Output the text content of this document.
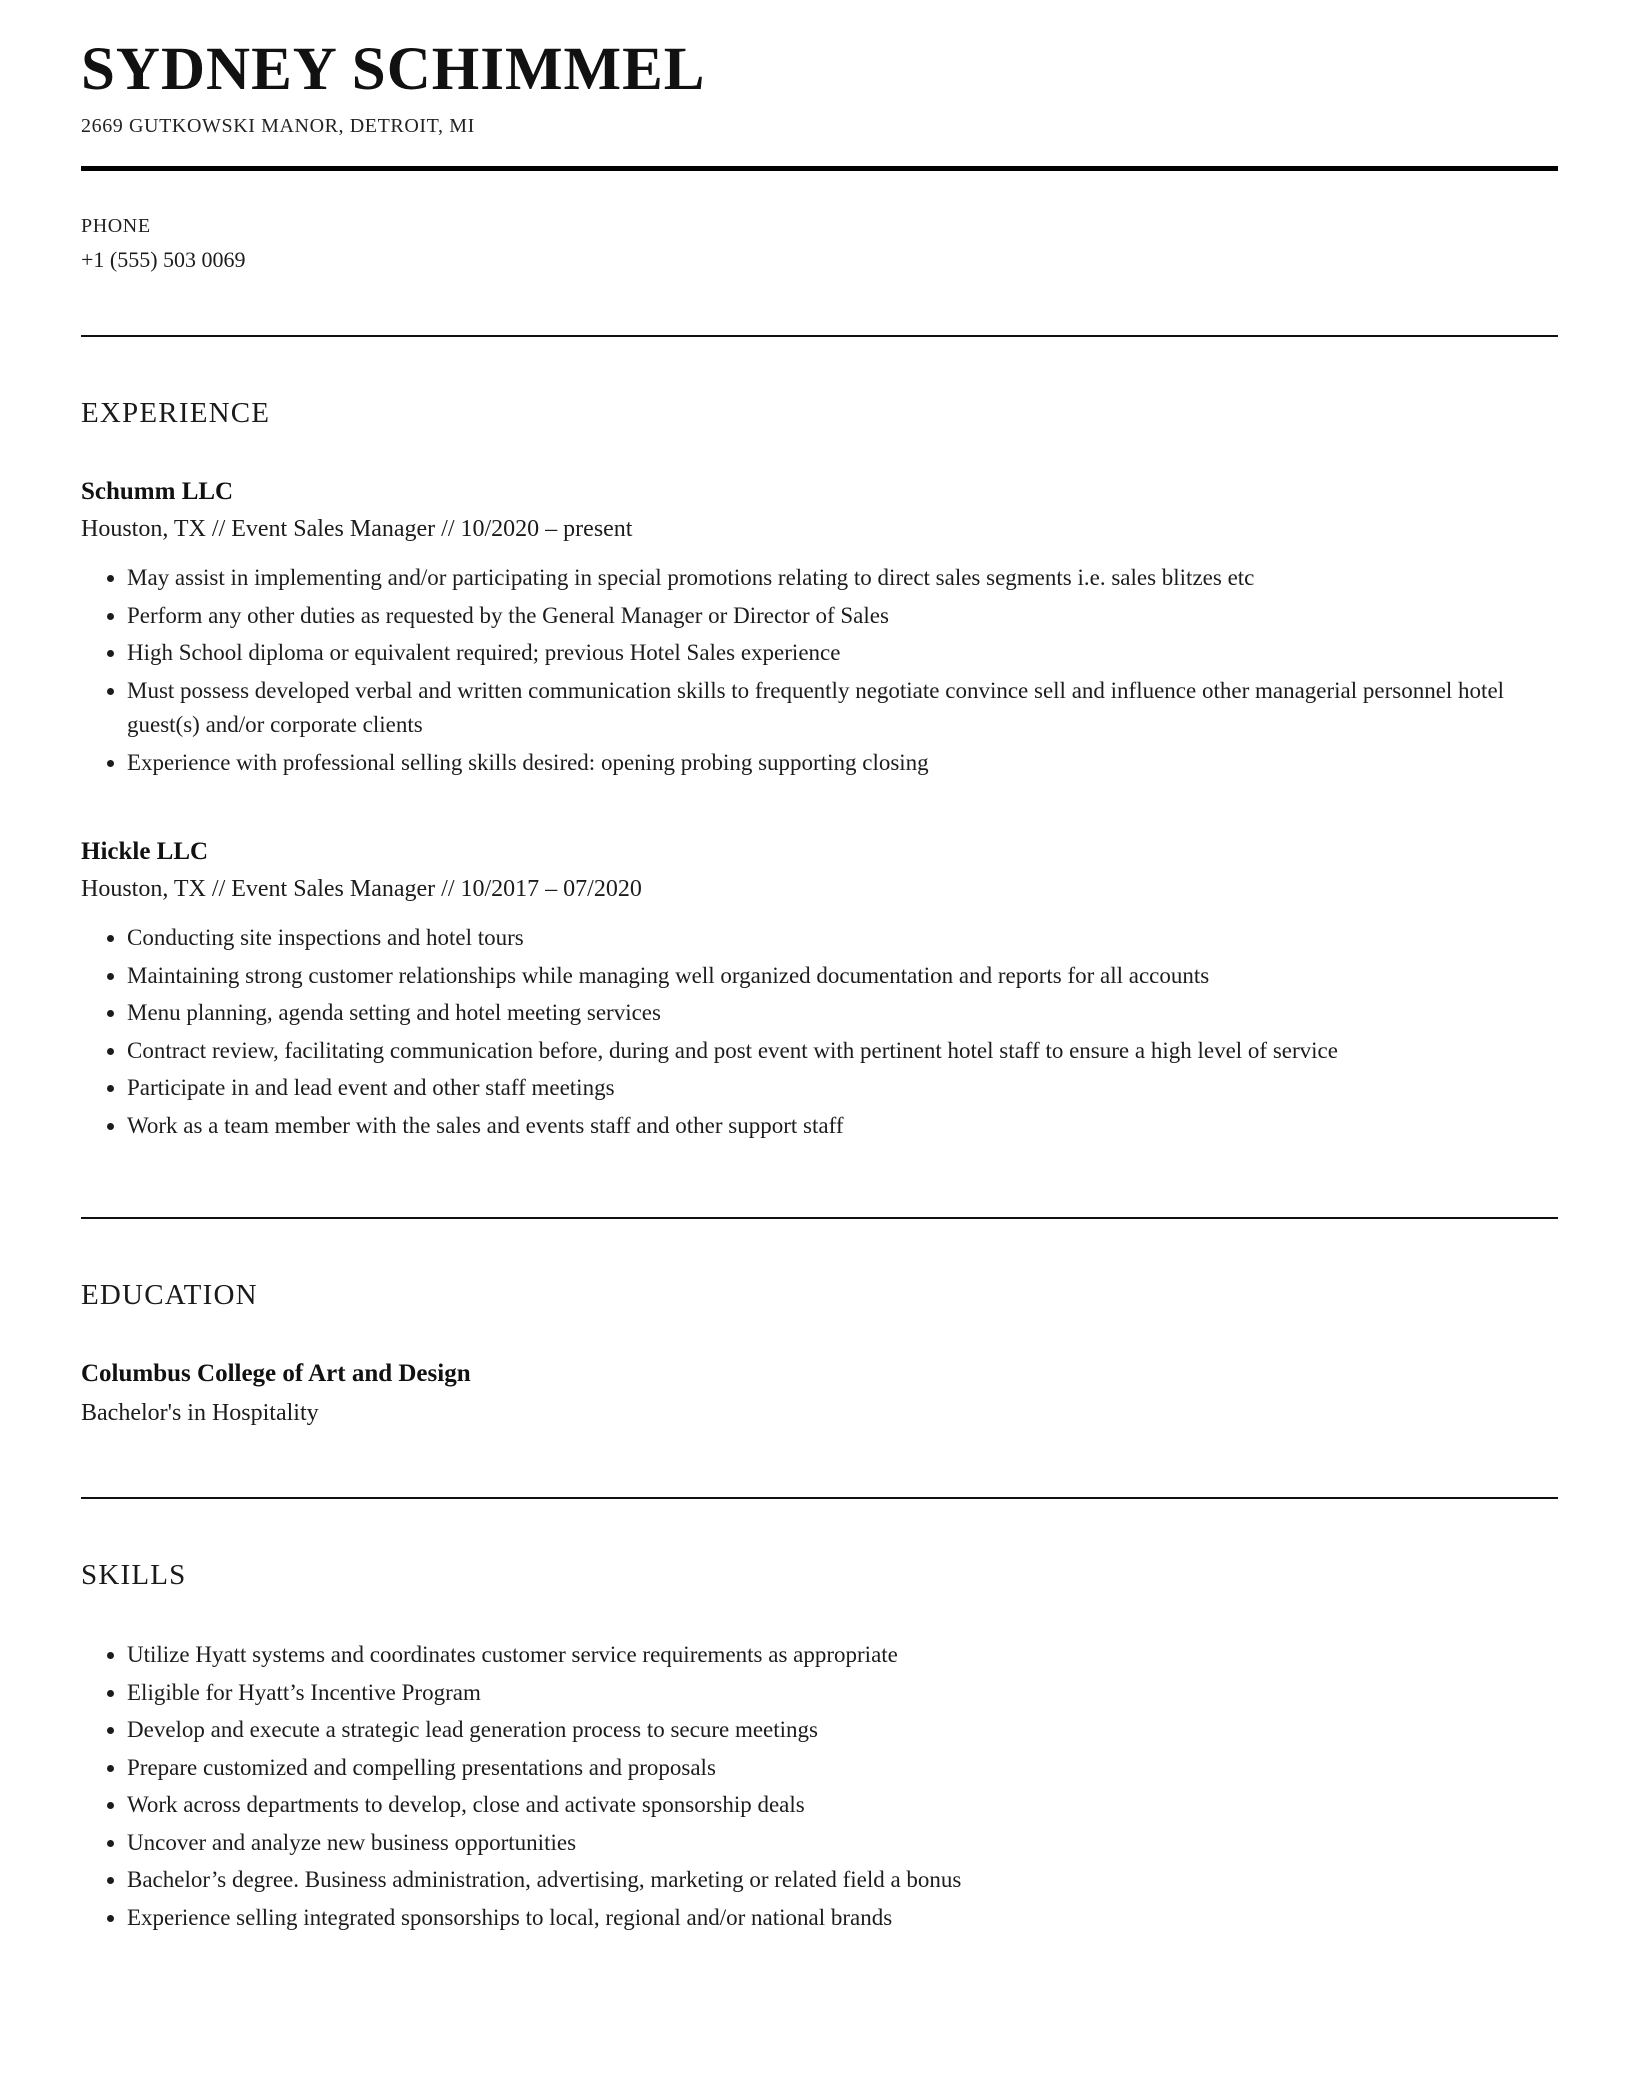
SYDNEY SCHIMMEL
2669 GUTKOWSKI MANOR, DETROIT, MI
PHONE
+1 (555) 503 0069
EXPERIENCE
Schumm LLC
Houston, TX // Event Sales Manager // 10/2020 – present
• May assist in implementing and/or participating in special promotions relating to direct sales segments i.e. sales blitzes etc
• Perform any other duties as requested by the General Manager or Director of Sales
• High School diploma or equivalent required; previous Hotel Sales experience
• Must possess developed verbal and written communication skills to frequently negotiate convince sell and influence other managerial personnel hotel guest(s) and/or corporate clients
• Experience with professional selling skills desired: opening probing supporting closing
Hickle LLC
Houston, TX // Event Sales Manager // 10/2017 – 07/2020
• Conducting site inspections and hotel tours
• Maintaining strong customer relationships while managing well organized documentation and reports for all accounts
• Menu planning, agenda setting and hotel meeting services
• Contract review, facilitating communication before, during and post event with pertinent hotel staff to ensure a high level of service
• Participate in and lead event and other staff meetings
• Work as a team member with the sales and events staff and other support staff
EDUCATION
Columbus College of Art and Design
Bachelor's in Hospitality
SKILLS
• Utilize Hyatt systems and coordinates customer service requirements as appropriate
• Eligible for Hyatt’s Incentive Program
• Develop and execute a strategic lead generation process to secure meetings
• Prepare customized and compelling presentations and proposals
• Work across departments to develop, close and activate sponsorship deals
• Uncover and analyze new business opportunities
• Bachelor’s degree. Business administration, advertising, marketing or related field a bonus
• Experience selling integrated sponsorships to local, regional and/or national brands
